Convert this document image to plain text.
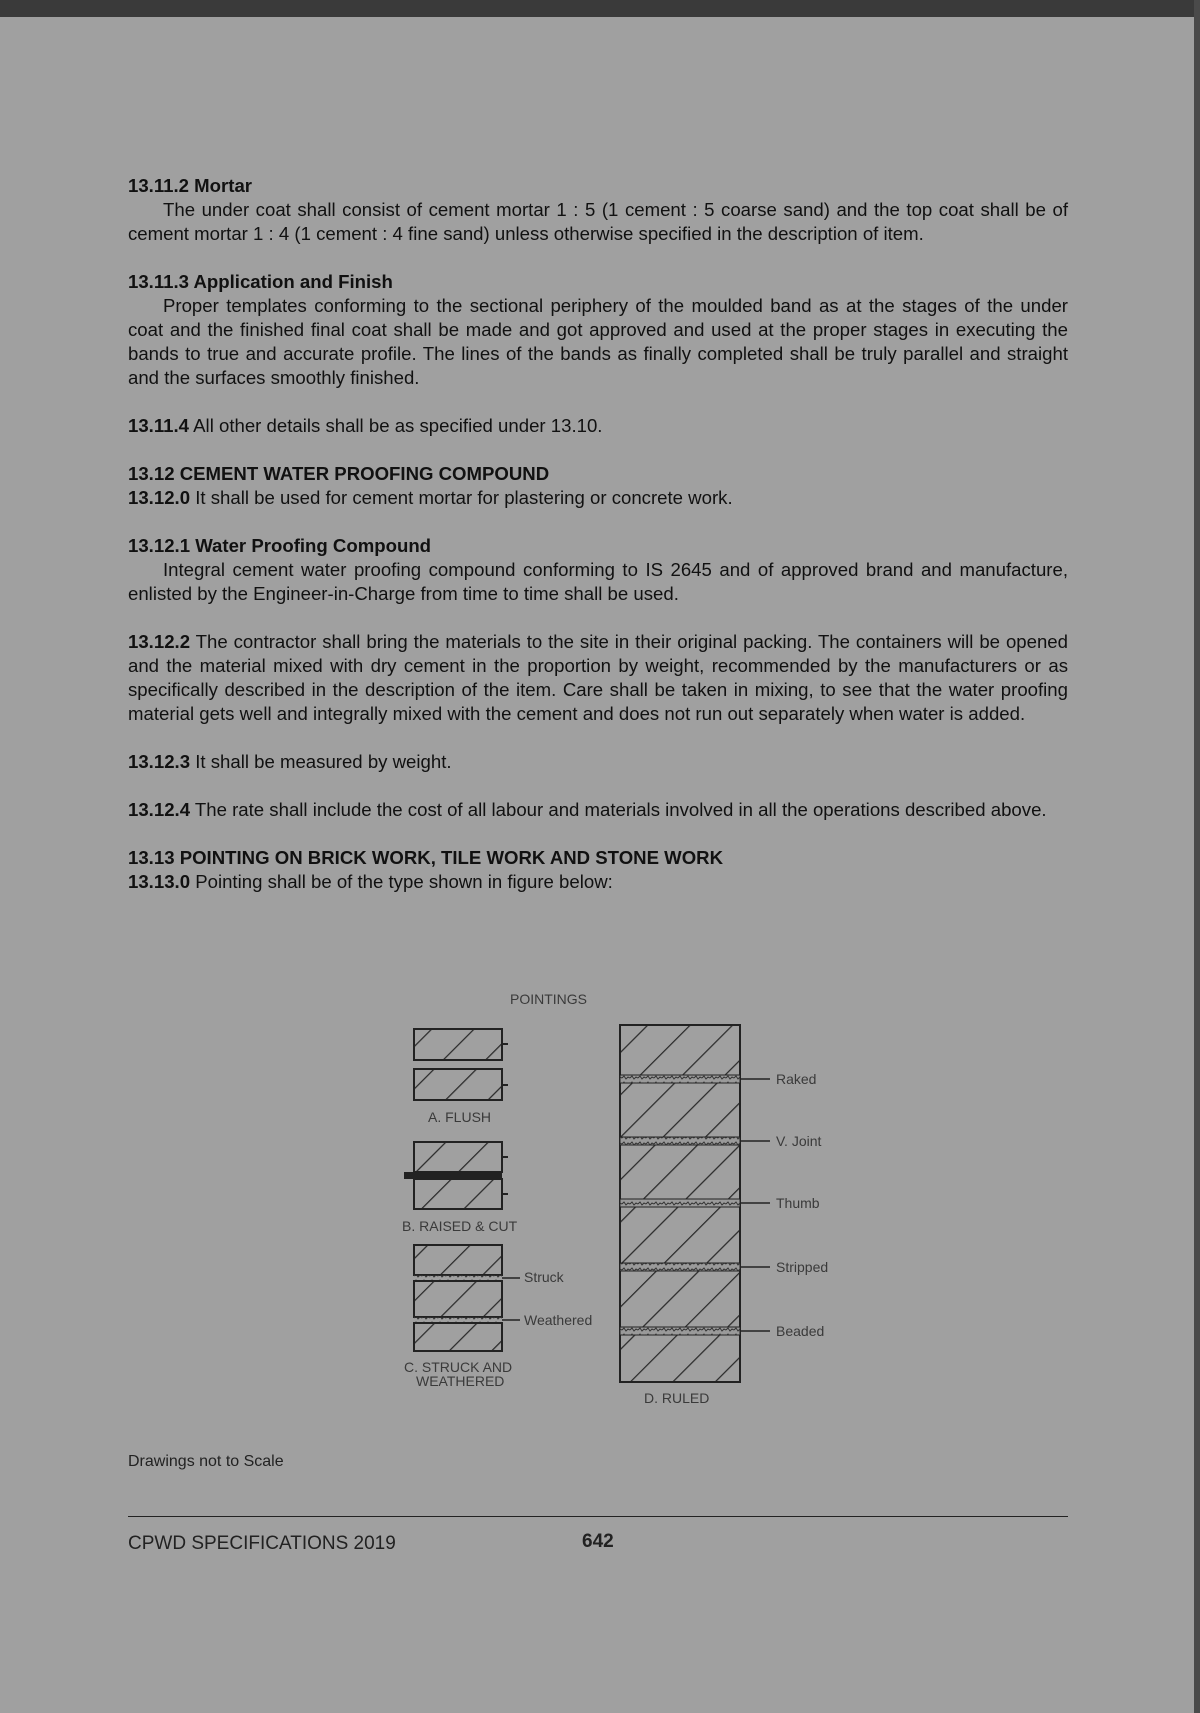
13.11.2 Mortar
The under coat shall consist of cement mortar 1 : 5 (1 cement : 5 coarse sand) and the top coat shall be of cement mortar 1 : 4 (1 cement : 4 fine sand) unless otherwise specified in the description of item.
13.11.3 Application and Finish
Proper templates conforming to the sectional periphery of the moulded band as at the stages of the under coat and the finished final coat shall be made and got approved and used at the proper stages in executing the bands to true and accurate profile. The lines of the bands as finally completed shall be truly parallel and straight and the surfaces smoothly finished.
13.11.4 All other details shall be as specified under 13.10.
13.12 CEMENT WATER PROOFING COMPOUND
13.12.0 It shall be used for cement mortar for plastering or concrete work.
13.12.1 Water Proofing Compound
Integral cement water proofing compound conforming to IS 2645 and of approved brand and manufacture, enlisted by the Engineer-in-Charge from time to time shall be used.
13.12.2 The contractor shall bring the materials to the site in their original packing. The containers will be opened and the material mixed with dry cement in the proportion by weight, recommended by the manufacturers or as specifically described in the description of the item. Care shall be taken in mixing, to see that the water proofing material gets well and integrally mixed with the cement and does not run out separately when water is added.
13.12.3 It shall be measured by weight.
13.12.4 The rate shall include the cost of all labour and materials involved in all the operations described above.
13.13 POINTING ON BRICK WORK, TILE WORK AND STONE WORK
13.13.0 Pointing shall be of the type shown in figure below:
POINTINGS
A. FLUSH
B. RAISED & CUT
Struck
Weathered
C. STRUCK AND
WEATHERED
Raked
V. Joint
Thumb
Stripped
Beaded
D. RULED
Drawings not to Scale
CPWD SPECIFICATIONS 2019	642
